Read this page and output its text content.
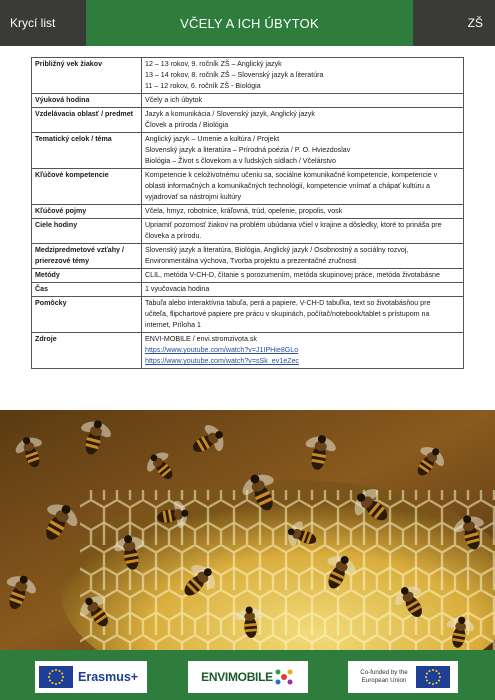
Krycí list	VČELY A ICH ÚBYTOK	ZŠ
Približný vek žiakov	12 – 13 rokov, 9. ročník ZŠ – Anglický jazyk
13 – 14 rokov, 8. ročník ZŠ – Slovenský jazyk a literatúra
11 – 12 rokov, 6. ročník ZŠ - Biológia

Výuková hodina	Včely a ich úbytok

Vzdelávacia oblasť / predmet	Jazyk a komunikácia / Slovenský jazyk, Anglický jazyk
Človek a príroda / Biológia

Tematický celok / téma	Anglický jazyk – Umenie a kultúra / Projekt
Slovenský jazyk a literatúra – Prírodná poézia / P. O. Hviezdoslav
Biológia – Život s človekom a v ľudských sídlach / Včelárstvo

Kľúčové kompetencie	Kompetencie k celoživotnému učeniu sa, sociálne komunikačné kompetencie, kompetencie v
oblasti informačných a komunikačných technológií, kompetencie vnímať a chápať kultúru a
vyjadrovať sa nástrojmi kultúry

Kľúčové pojmy	Včela, hmyz, robotnice, kráľovná, trúd, opelenie, propolis, vosk

Ciele hodiny	Upriamiť pozornosť žiakov na problém ubúdania včiel v krajine a dôsledky, ktoré to prináša pre
človeka a prírodu.

Medzipredmetové vzťahy / prierezové témy	Slovenský jazyk a literatúra, Biológia, Anglický jazyk / Osobnostný a sociálny rozvoj,
Environmentálna výchova, Tvorba projektu a prezentačné zručnosti

Metódy	CLIL, metóda V-CH-D, čítanie s porozumením, metóda skupinovej práce, metóda životabásne

Čas	1 vyučovacia hodina

Pomôcky	Tabuľa alebo interaktívna tabuľa, perá a papiere, V-CH-D tabuľka, text so životabásňou pre
učiteľa, flipchartové papiere pre prácu v skupinách, počítač/notebook/tablet s prístupom na
internet, Príloha 1

Zdroje	ENVI-MOBILE / envi.stromzivota.sk
https://www.youtube.com/watch?v=J1IPHie8GLo
https://www.youtube.com/watch?v=sSk_ev1eZec
Erasmus+	ENVIMOBILE	Co-funded by the European Union
